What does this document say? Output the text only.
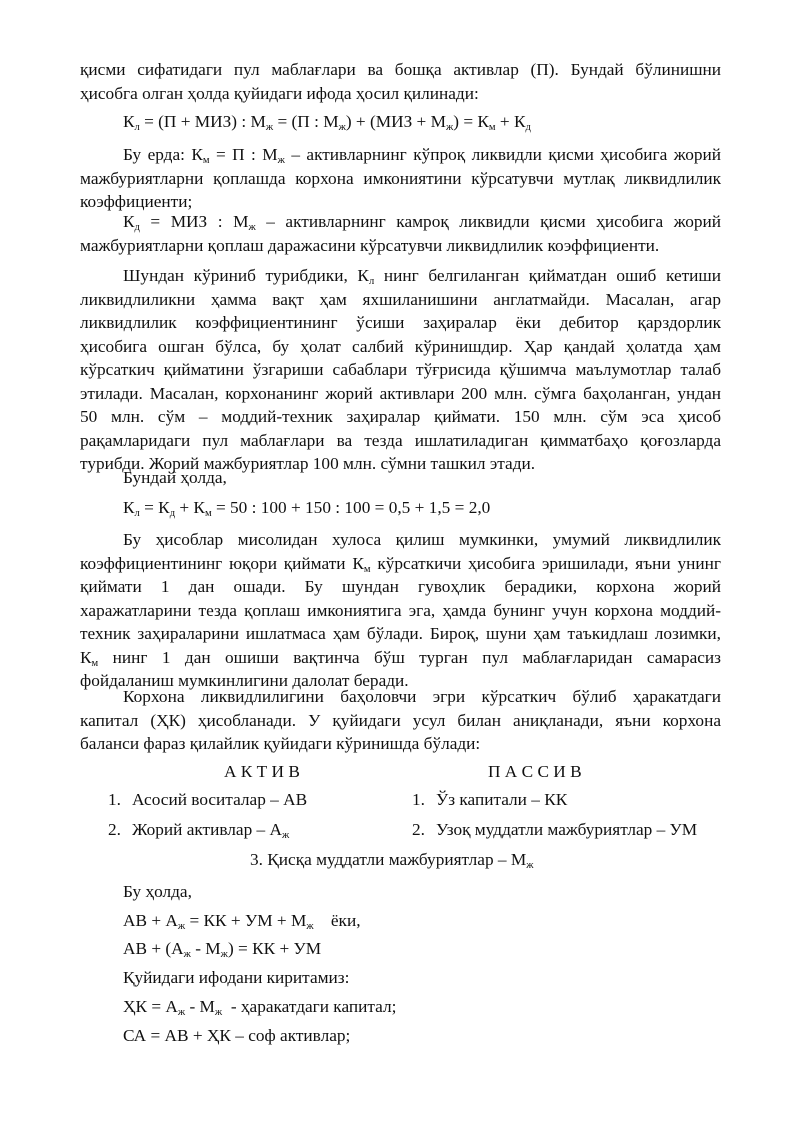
қисми сифатидаги пул маблағлари ва бошқа активлар (П). Бундай бўлинишни
ҳисобга олган ҳолда қуйидаги ифода ҳосил қилинади:
$К_л = (П + МИЗ)$ : $М_ж = (П$ : $М_ж) + (МИЗ + М_ж) = К_м + К_д$
Бу ерда: $К_м = П$ : $М_ж$ – активларнинг кўпроқ ликвидли қисми ҳисобига жорий
мажбуриятларни қоплашда корхона имкониятини кўрсатувчи мутлақ ликвидлилик
коэффициенти;
$К_д$ = МИЗ : $М_ж$ – активларнинг камроқ ликвидли қисми ҳисобига жорий
мажбуриятларни қоплаш даражасини кўрсатувчи ликвидлилик коэффициенти.
Шундан кўриниб турибдики, $К_л$ нинг белгиланган қийматдан ошиб кетиши
ликвидлиликни ҳамма вақт ҳам яхшиланишини англатмайди. Масалан, агар
ликвидлилик коэффициентининг ўсиши заҳиралар ёки дебитор қарздорлик
ҳисобига ошган бўлса, бу ҳолат салбий кўринишдир. Ҳар қандай ҳолатда ҳам
кўрсаткич қийматини ўзгариши сабаблари тўғрисида қўшимча маълумотлар талаб
этилади. Масалан, корхонанинг жорий активлари 200 млн. сўмга баҳоланган, ундан
50 млн. сўм – моддий-техник заҳиралар қиймати. 150 млн. сўм эса ҳисоб
рақамларидаги пул маблағлари ва тезда ишлатиладиган қимматбаҳо қоғозларда
турибди. Жорий мажбуриятлар 100 млн. сўмни ташкил этади.
Бундай ҳолда,
$К_л = К_д + К_м = 50$ : 100 + 150 : 100 = 0,5 + 1,5 = 2,0
Бу ҳисоблар мисолидан хулоса қилиш мумкинки, умумий ликвидлилик
коэффициентининг юқори қиймати $К_м$ кўрсаткичи ҳисобига эришилади, яъни унинг
қиймати 1 дан ошади. Бу шундан гувоҳлик берадики, корхона жорий
харажатларини тезда қоплаш имкониятига эга, ҳамда бунинг учун корхона моддий-
техник заҳираларини ишлатмаса ҳам бўлади. Бироқ, шуни ҳам таъкидлаш лозимки,
$К_м$ нинг 1 дан ошиши вақтинча бўш турган пул маблағларидан самарасиз
фойдаланиш мумкинлигини далолат беради.
Корхона ликвидлилигини баҳоловчи эгри кўрсаткич бўлиб ҳаракатдаги
капитал (ҲК) ҳисобланади. У қуйидаги усул билан аниқланади, яъни корхона
баланси фараз қилайлик қуйидаги кўринишда бўлади:
А К Т И В	П А С С И В
1. Асосий воситалар – АВ
2. Жорий активлар – $А_ж$
1. Ўз капитали – КК
2. Узоқ муддатли мажбуриятлар – УМ
3. Қисқа муддатли мажбуриятлар – $М_ж$
Бу ҳолда,
АВ + $А_ж$ = КК + УМ + $М_ж$    ёки,
АВ + $(А_ж - М_ж)$ = КК + УМ
Қуйидаги ифодани киритамиз:
ҲК = $А_ж - М_ж$  - ҳаракатдаги капитал;
СА = АВ + ҲК – соф активлар;
